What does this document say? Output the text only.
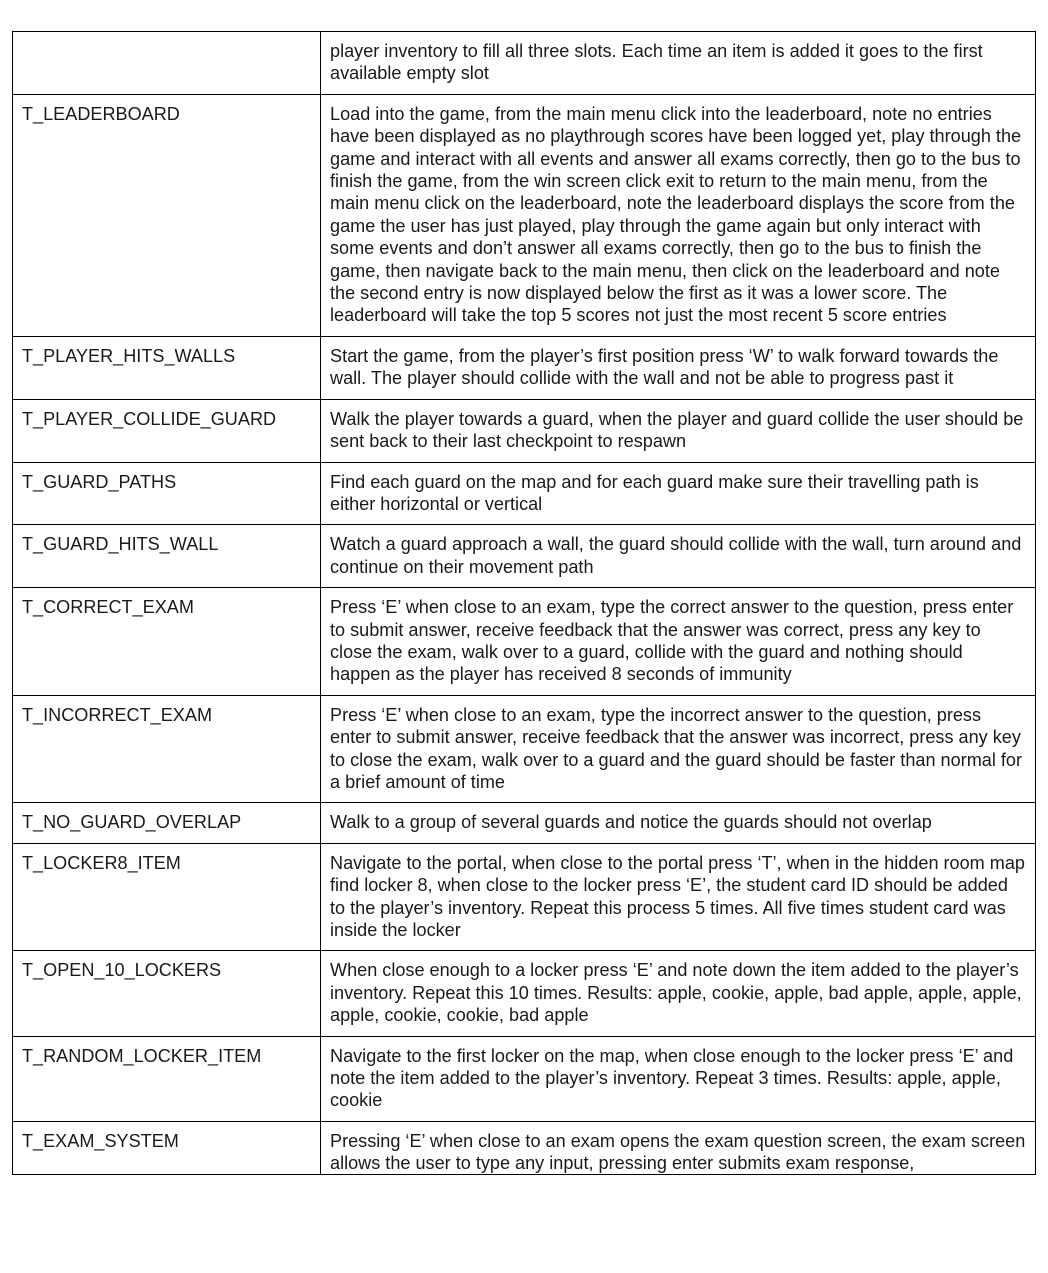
	player inventory to fill all three slots. Each time an item is added it goes to the first available empty slot
T_LEADERBOARD	Load into the game, from the main menu click into the leaderboard, note no entries have been displayed as no playthrough scores have been logged yet, play through the game and interact with all events and answer all exams correctly, then go to the bus to finish the game, from the win screen click exit to return to the main menu, from the main menu click on the leaderboard, note the leaderboard displays the score from the game the user has just played, play through the game again but only interact with some events and don’t answer all exams correctly, then go to the bus to finish the game, then navigate back to the main menu, then click on the leaderboard and note the second entry is now displayed below the first as it was a lower score. The leaderboard will take the top 5 scores not just the most recent 5 score entries
T_PLAYER_HITS_WALLS	Start the game, from the player’s first position press ‘W’ to walk forward towards the wall. The player should collide with the wall and not be able to progress past it
T_PLAYER_COLLIDE_GUARD	Walk the player towards a guard, when the player and guard collide the user should be sent back to their last checkpoint to respawn
T_GUARD_PATHS	Find each guard on the map and for each guard make sure their travelling path is either horizontal or vertical
T_GUARD_HITS_WALL	Watch a guard approach a wall, the guard should collide with the wall, turn around and continue on their movement path
T_CORRECT_EXAM	Press ‘E’ when close to an exam, type the correct answer to the question, press enter to submit answer, receive feedback that the answer was correct, press any key to close the exam, walk over to a guard, collide with the guard and nothing should happen as the player has received 8 seconds of immunity
T_INCORRECT_EXAM	Press ‘E’ when close to an exam, type the incorrect answer to the question, press enter to submit answer, receive feedback that the answer was incorrect, press any key to close the exam, walk over to a guard and the guard should be faster than normal for a brief amount of time
T_NO_GUARD_OVERLAP	Walk to a group of several guards and notice the guards should not overlap
T_LOCKER8_ITEM	Navigate to the portal, when close to the portal press ‘T’, when in the hidden room map find locker 8, when close to the locker press ‘E’, the student card ID should be added to the player’s inventory. Repeat this process 5 times. All five times student card was inside the locker
T_OPEN_10_LOCKERS	When close enough to a locker press ‘E’ and note down the item added to the player’s inventory. Repeat this 10 times. Results: apple, cookie, apple, bad apple, apple, apple, apple, cookie, cookie, bad apple
T_RANDOM_LOCKER_ITEM	Navigate to the first locker on the map, when close enough to the locker press ‘E’ and note the item added to the player’s inventory. Repeat 3 times. Results: apple, apple, cookie
T_EXAM_SYSTEM	Pressing ‘E’ when close to an exam opens the exam question screen, the exam screen allows the user to type any input, pressing enter submits exam response,
